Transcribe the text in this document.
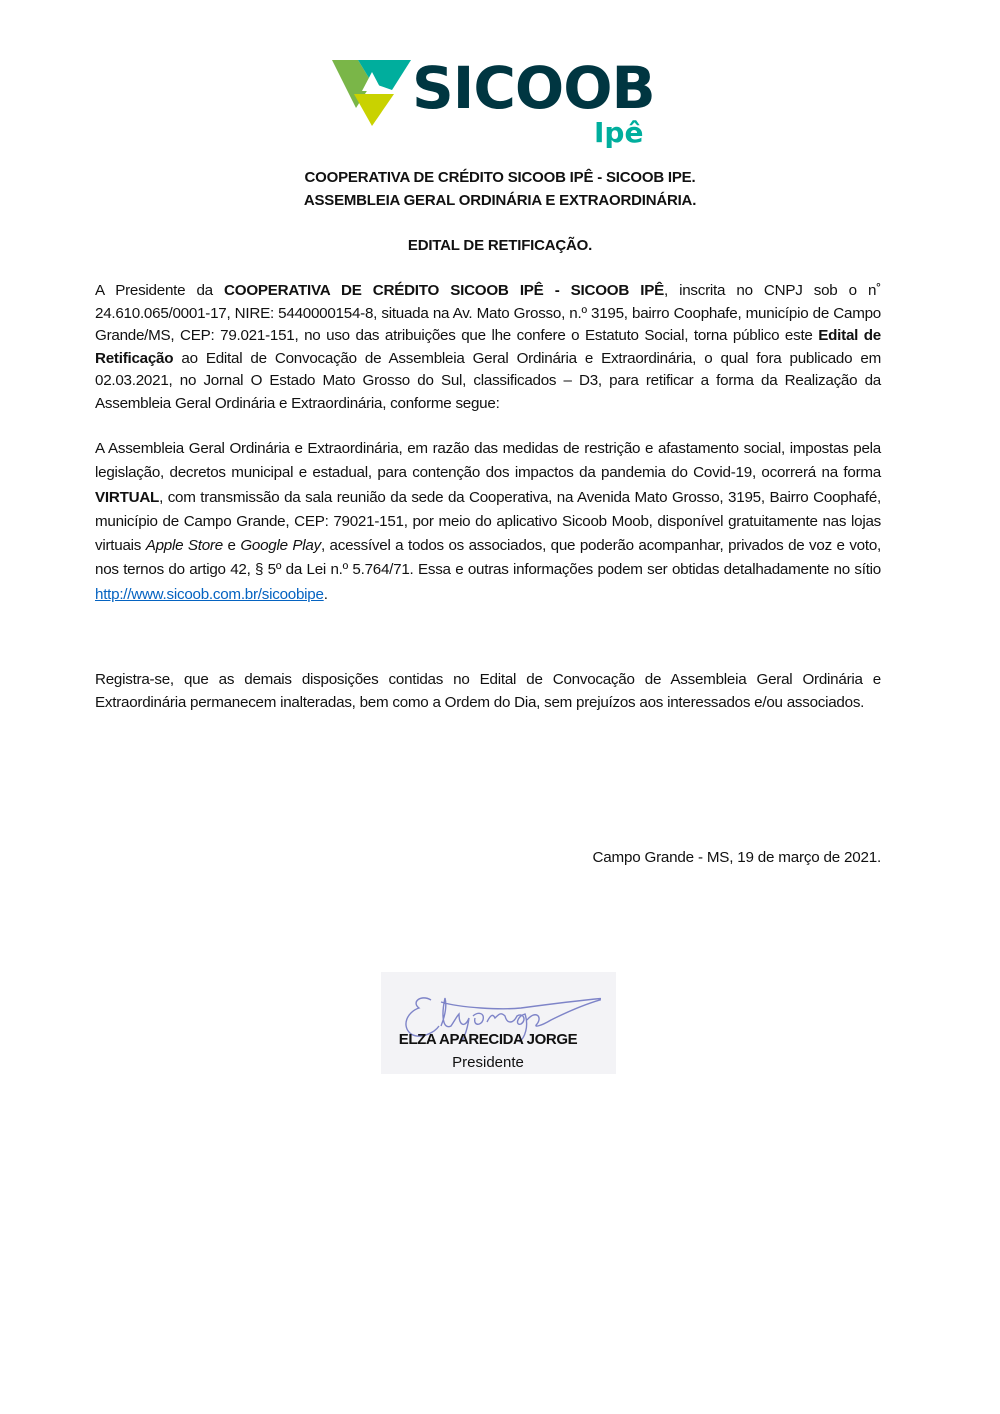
SICOOB
Ipê
COOPERATIVA DE CRÉDITO SICOOB IPÊ - SICOOB IPE.
ASSEMBLEIA GERAL ORDINÁRIA E EXTRAORDINÁRIA.
EDITAL DE RETIFICAÇÃO.

A Presidente da COOPERATIVA DE CRÉDITO SICOOB IPÊ - SICOOB IPÊ, inscrita no CNPJ sob o n˚ 24.610.065/0001-17, NIRE: 5440000154-8, situada na Av. Mato Grosso, n.º 3195, bairro Coophafe, município de Campo Grande/MS, CEP: 79.021-151, no uso das atribuições que lhe confere o Estatuto Social, torna público este Edital de Retificação ao Edital de Convocação de Assembleia Geral Ordinária e Extraordinária, o qual fora publicado em 02.03.2021, no Jornal O Estado Mato Grosso do Sul, classificados – D3, para retificar a forma da Realização da Assembleia Geral Ordinária e Extraordinária, conforme segue:

A Assembleia Geral Ordinária e Extraordinária, em razão das medidas de restrição e afastamento social, impostas pela legislação, decretos municipal e estadual, para contenção dos impactos da pandemia do Covid-19, ocorrerá na forma VIRTUAL, com transmissão da sala reunião da sede da Cooperativa, na Avenida Mato Grosso, 3195, Bairro Coophafé, município de Campo Grande, CEP: 79021-151, por meio do aplicativo Sicoob Moob, disponível gratuitamente nas lojas virtuais Apple Store e Google Play, acessível a todos os associados, que poderão acompanhar, privados de voz e voto, nos ternos do artigo 42, § 5º da Lei n.º 5.764/71. Essa e outras informações podem ser obtidas detalhadamente no sítio http://www.sicoob.com.br/sicoobipe.

Registra-se, que as demais disposições contidas no Edital de Convocação de Assembleia Geral Ordinária e Extraordinária permanecem inalteradas, bem como a Ordem do Dia, sem prejuízos aos interessados e/ou associados.

Campo Grande - MS, 19 de março de 2021.
ELZA APARECIDA JORGE
Presidente
